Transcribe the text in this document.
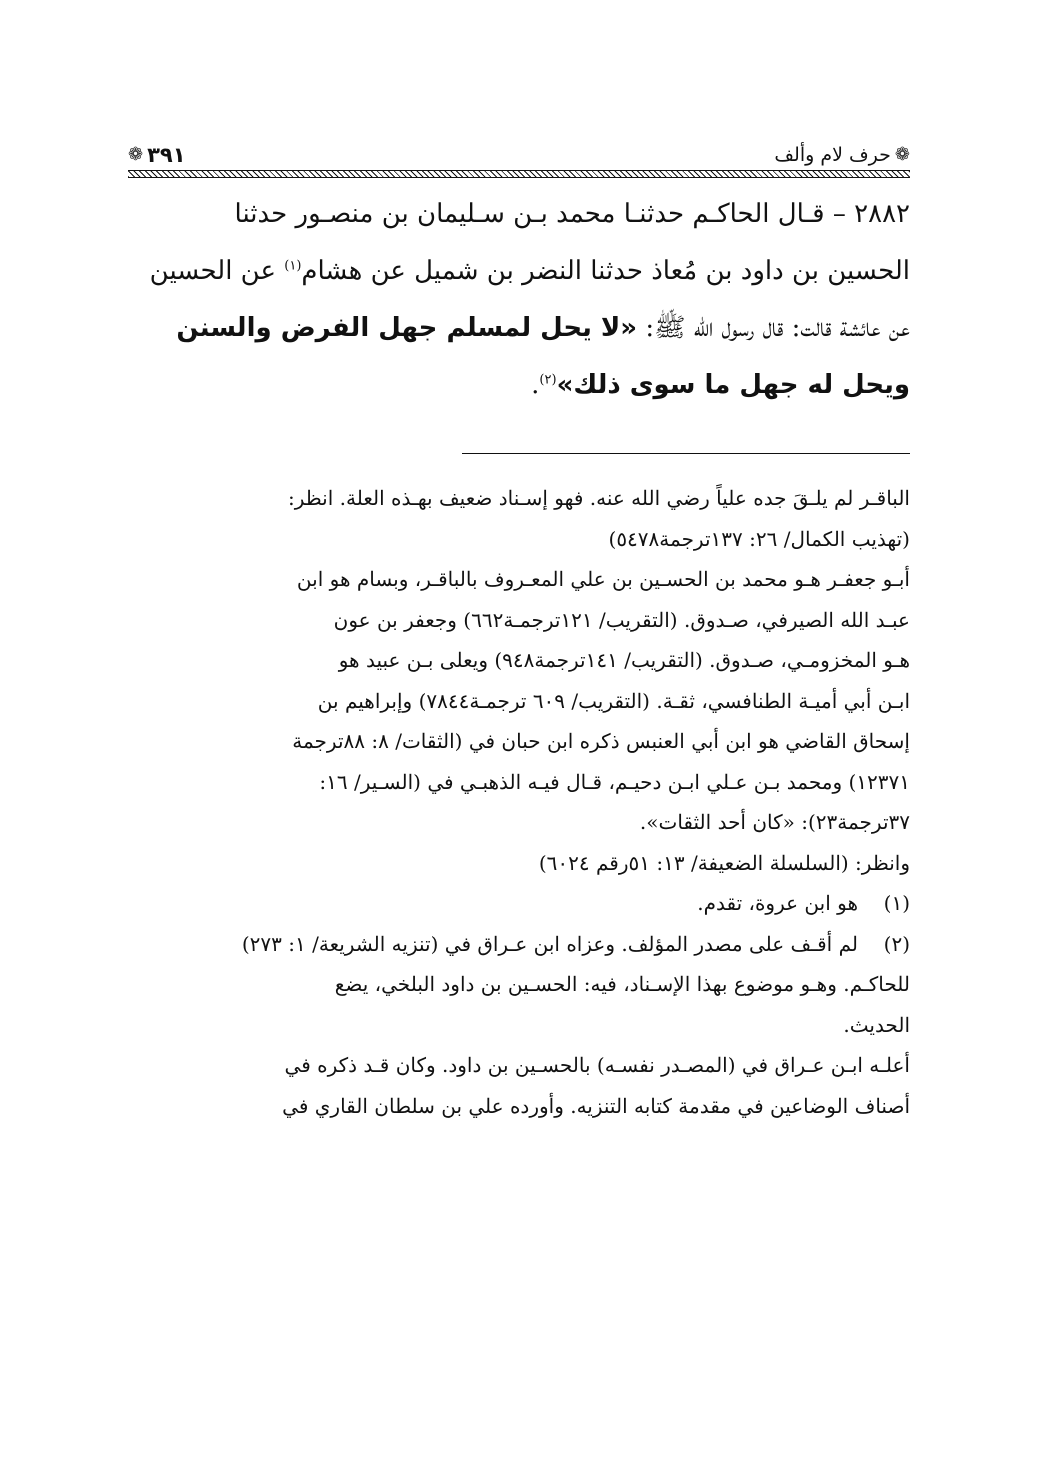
❁
حرف لام وألف
٣٩١
❁
٢٨٨٢ – قـال الحاكـم حدثنـا محمد بـن سـليمان بن منصـور حدثنا
الحسين بن داود بن مُعاذ حدثنا النضر بن شميل عن هشام$^{(١)}$ عن الحسين
عن عائشة قالت: قال رسول الله ﷺ: «لا يحل لمسلم جهل الفرض والسنن
ويحل له جهل ما سوى ذلك»$^{(٢)}$.
الباقـر لم يلـقَ جده علياً رضي الله عنه. فهو إسـناد ضعيف بهـذه العلة. انظر:
(تهذيب الكمال/ ٢٦: ١٣٧ترجمة٥٤٧٨)
أبـو جعفـر هـو محمد بن الحسـين بن علي المعـروف بالباقـر، وبسام هو ابن
عبـد الله الصيرفي، صـدوق. (التقريب/ ١٢١ترجمـة٦٦٢) وجعفر بن عون
هـو المخزومـي، صـدوق. (التقريب/ ١٤١ترجمة٩٤٨) ويعلى بـن عبيد هو
ابـن أبي أميـة الطنافسي، ثقـة. (التقريب/ ٦٠٩ ترجمـة٧٨٤٤) وإبراهيم بن
إسحاق القاضي هو ابن أبي العنبس ذكره ابن حبان في (الثقات/ ٨: ٨٨ترجمة
١٢٣٧١) ومحمد بـن عـلي ابـن دحيـم، قـال فيـه الذهبـي في (السـير/ ١٦:
٣٧ترجمة٢٣): «كان أحد الثقات».
وانظر: (السلسلة الضعيفة/ ١٣: ٥١رقم ٦٠٢٤)
(١)
هو ابن عروة، تقدم.
(٢)
لم أقـف على مصدر المؤلف. وعزاه ابن عـراق في (تنزيه الشريعة/ ١: ٢٧٣)
للحاكـم. وهـو موضوع بهذا الإسـناد، فيه: الحسـين بن داود البلخي، يضع
الحديث.
أعلـه ابـن عـراق في (المصـدر نفسـه) بالحسـين بن داود. وكان قـد ذكره في
أصناف الوضاعين في مقدمة كتابه التنزيه. وأورده علي بن سلطان القاري في
